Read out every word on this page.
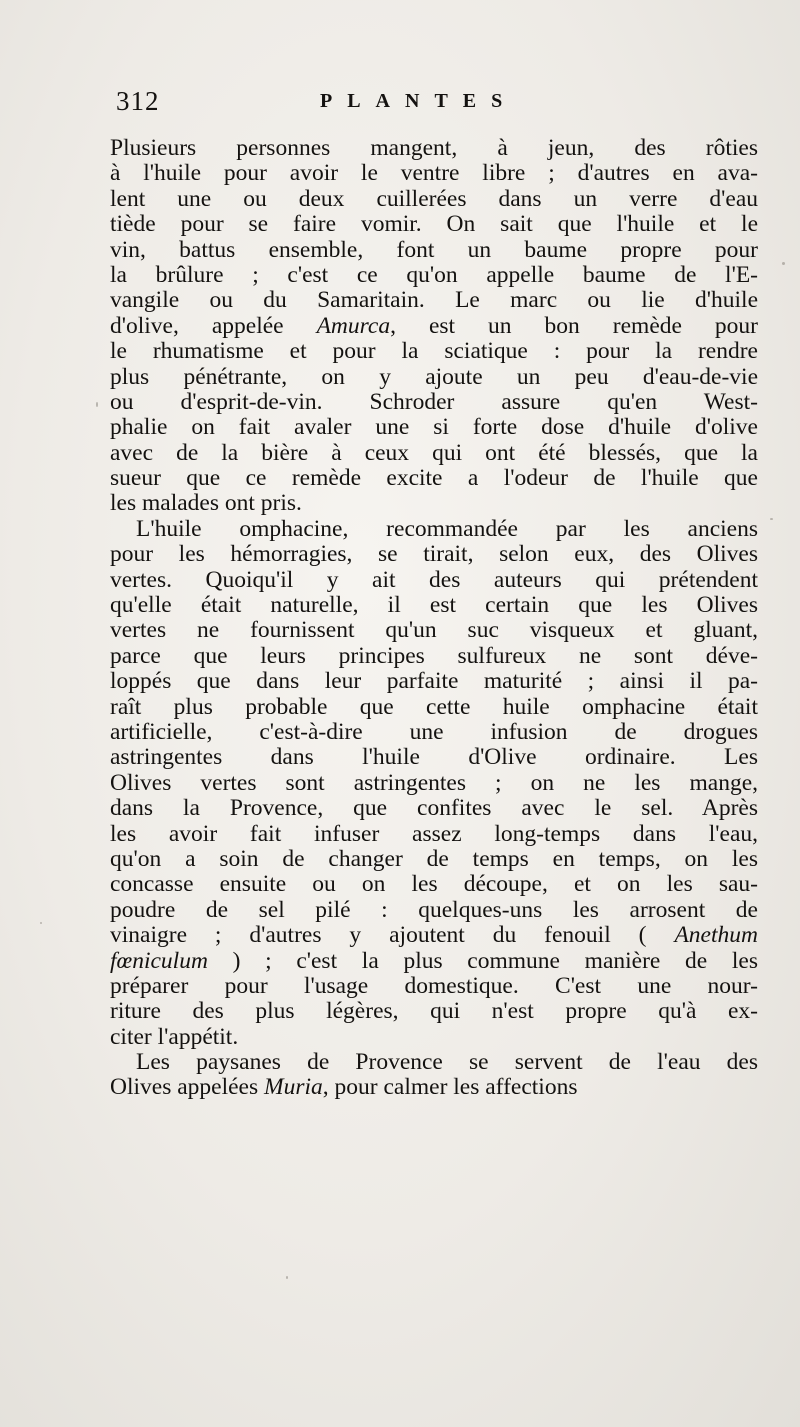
312	PLANTES
Plusieurs personnes mangent, à jeun, des rôties
à l'huile pour avoir le ventre libre ; d'autres en ava-
lent une ou deux cuillerées dans un verre d'eau
tiède pour se faire vomir. On sait que l'huile et le
vin, battus ensemble, font un baume propre pour
la brûlure ; c'est ce qu'on appelle baume de l'E-
vangile ou du Samaritain. Le marc ou lie d'huile
d'olive, appelée Amurca, est un bon remède pour
le rhumatisme et pour la sciatique : pour la rendre
plus pénétrante, on y ajoute un peu d'eau-de-vie
ou d'esprit-de-vin. Schroder assure qu'en West-
phalie on fait avaler une si forte dose d'huile d'olive
avec de la bière à ceux qui ont été blessés, que la
sueur que ce remède excite a l'odeur de l'huile que
les malades ont pris.
L'huile omphacine, recommandée par les anciens
pour les hémorragies, se tirait, selon eux, des Olives
vertes. Quoiqu'il y ait des auteurs qui prétendent
qu'elle était naturelle, il est certain que les Olives
vertes ne fournissent qu'un suc visqueux et gluant,
parce que leurs principes sulfureux ne sont déve-
loppés que dans leur parfaite maturité ; ainsi il pa-
raît plus probable que cette huile omphacine était
artificielle, c'est-à-dire une infusion de drogues
astringentes dans l'huile d'Olive ordinaire. Les
Olives vertes sont astringentes ; on ne les mange,
dans la Provence, que confites avec le sel. Après
les avoir fait infuser assez long-temps dans l'eau,
qu'on a soin de changer de temps en temps, on les
concasse ensuite ou on les découpe, et on les sau-
poudre de sel pilé : quelques-uns les arrosent de
vinaigre ; d'autres y ajoutent du fenouil ( Anethum
fœniculum ) ; c'est la plus commune manière de les
préparer pour l'usage domestique. C'est une nour-
riture des plus légères, qui n'est propre qu'à ex-
citer l'appétit.
Les paysanes de Provence se servent de l'eau des
Olives appelées Muria, pour calmer les affections
